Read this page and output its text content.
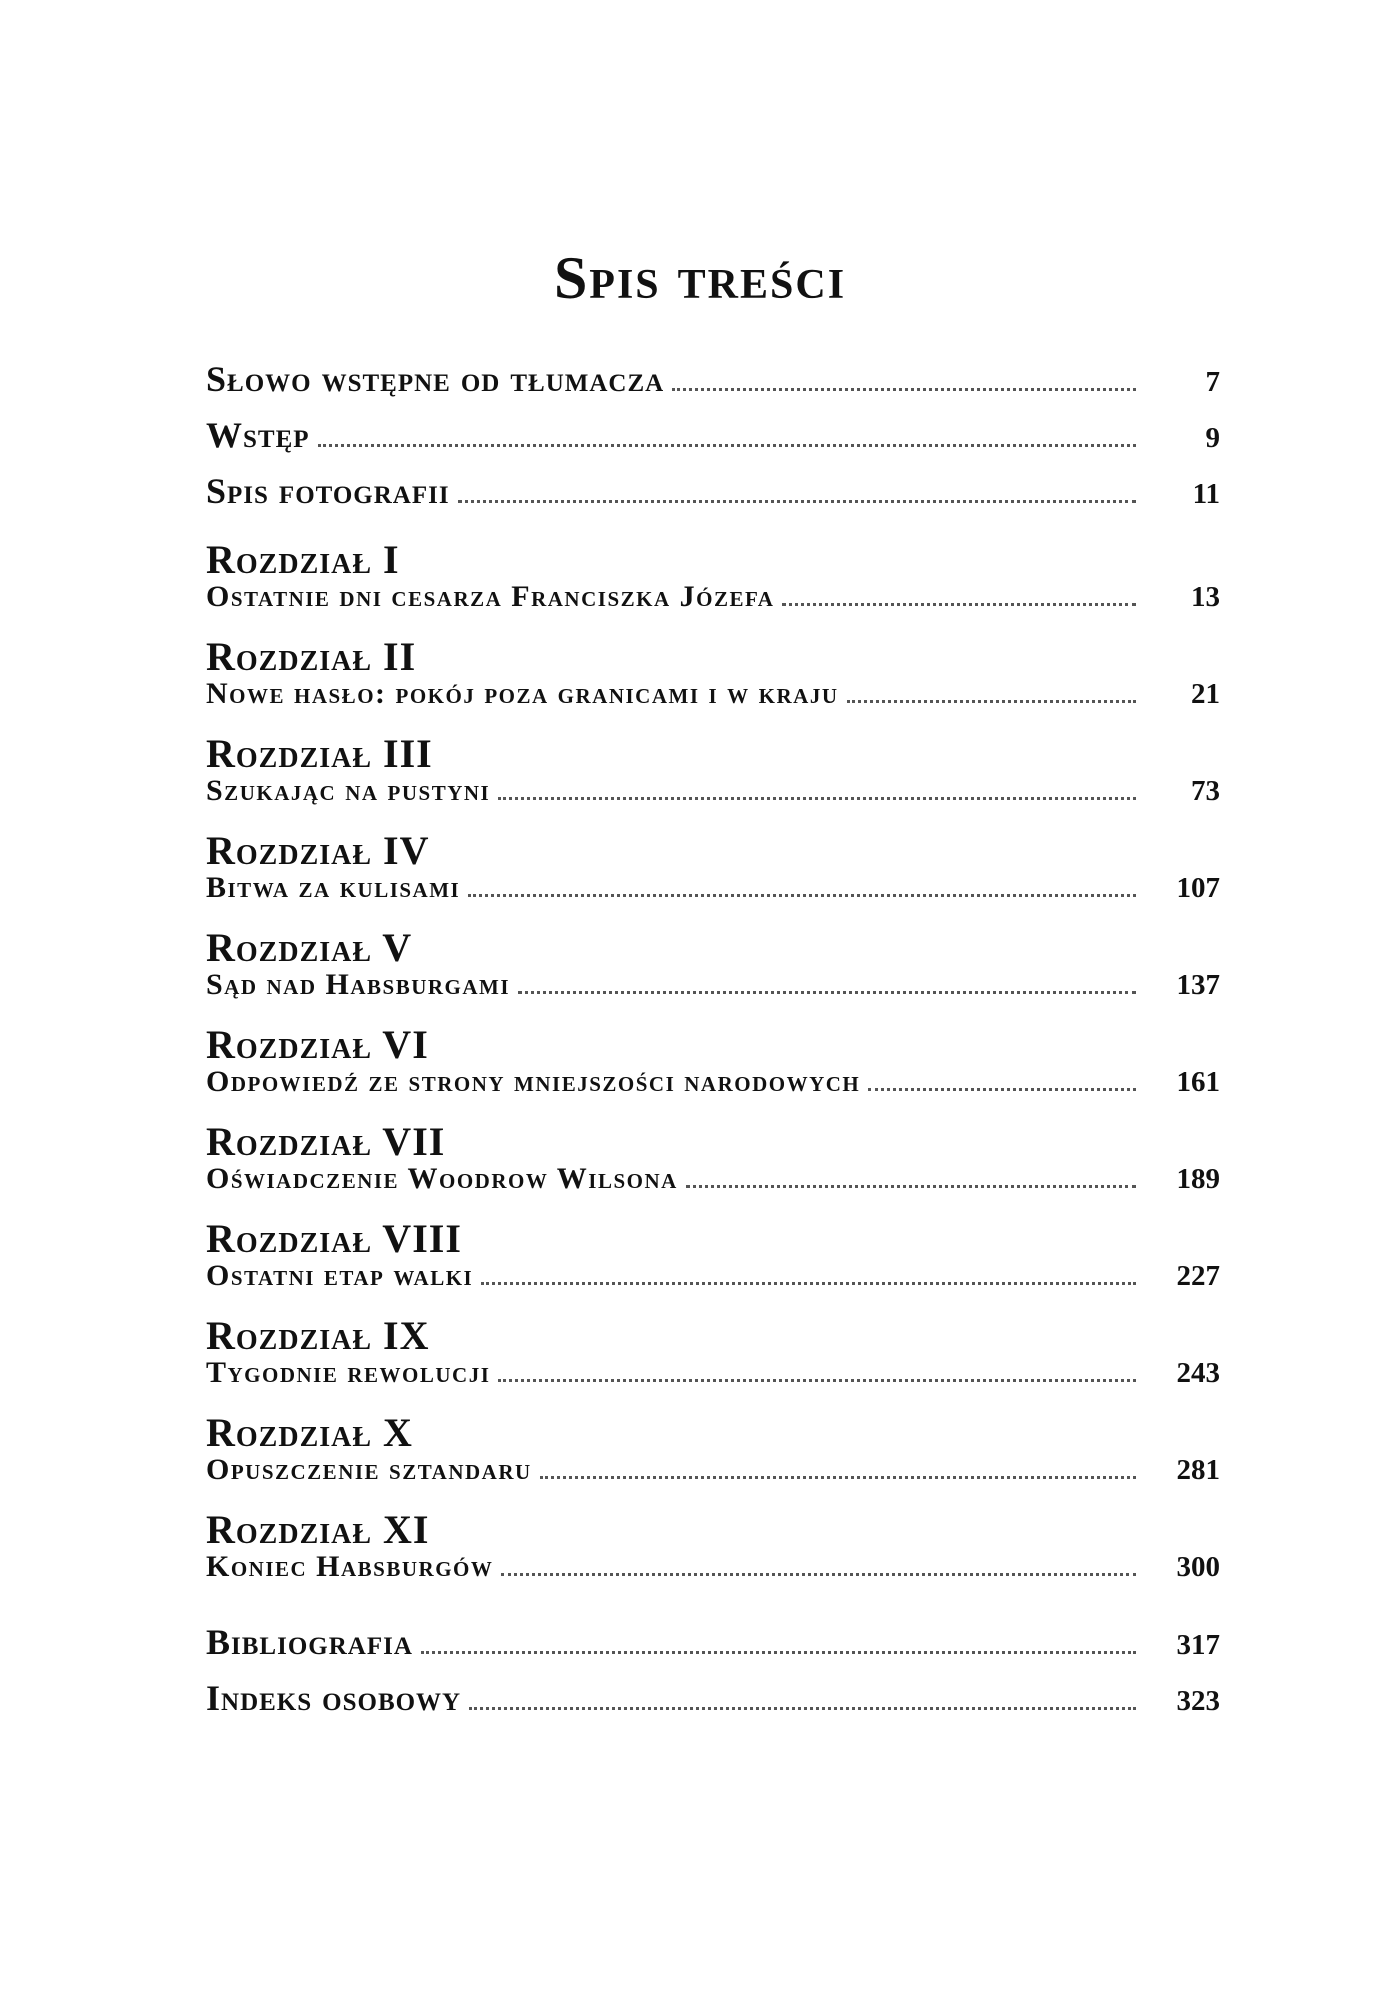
Spis treści
Słowo wstępne od tłumacza	7
Wstęp	9
Spis fotografii	11
Rozdział I
Ostatnie dni cesarza Franciszka Józefa	13
Rozdział II
Nowe hasło: pokój poza granicami i w kraju	21
Rozdział III
Szukając na pustyni	73
Rozdział IV
Bitwa za kulisami	107
Rozdział V
Sąd nad Habsburgami	137
Rozdział VI
Odpowiedź ze strony mniejszości narodowych	161
Rozdział VII
Oświadczenie Woodrow Wilsona	189
Rozdział VIII
Ostatni etap walki	227
Rozdział IX
Tygodnie rewolucji	243
Rozdział X
Opuszczenie sztandaru	281
Rozdział XI
Koniec Habsburgów	300
Bibliografia	317
Indeks osobowy	323
